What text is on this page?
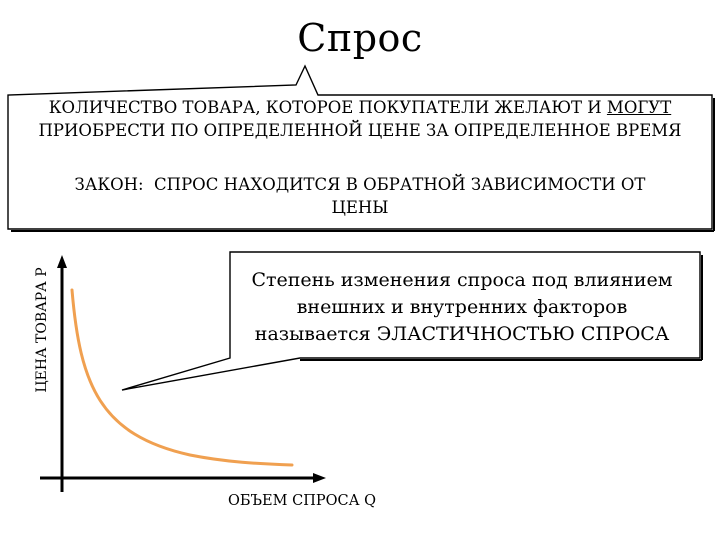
Спрос
КОЛИЧЕСТВО ТОВАРА, КОТОРОЕ ПОКУПАТЕЛИ ЖЕЛАЮТ И МОГУТ
ПРИОБРЕСТИ ПО ОПРЕДЕЛЕННОЙ ЦЕНЕ ЗА ОПРЕДЕЛЕННОЕ ВРЕМЯ
ЗАКОН:  СПРОС НАХОДИТСЯ В ОБРАТНОЙ ЗАВИСИМОСТИ ОТ
ЦЕНЫ
Степень изменения спроса под влиянием
внешних и внутренних факторов
называется ЭЛАСТИЧНОСТЬЮ СПРОСА
ЦЕНА ТОВАРА Р
ОБЪЕМ СПРОСА Q
